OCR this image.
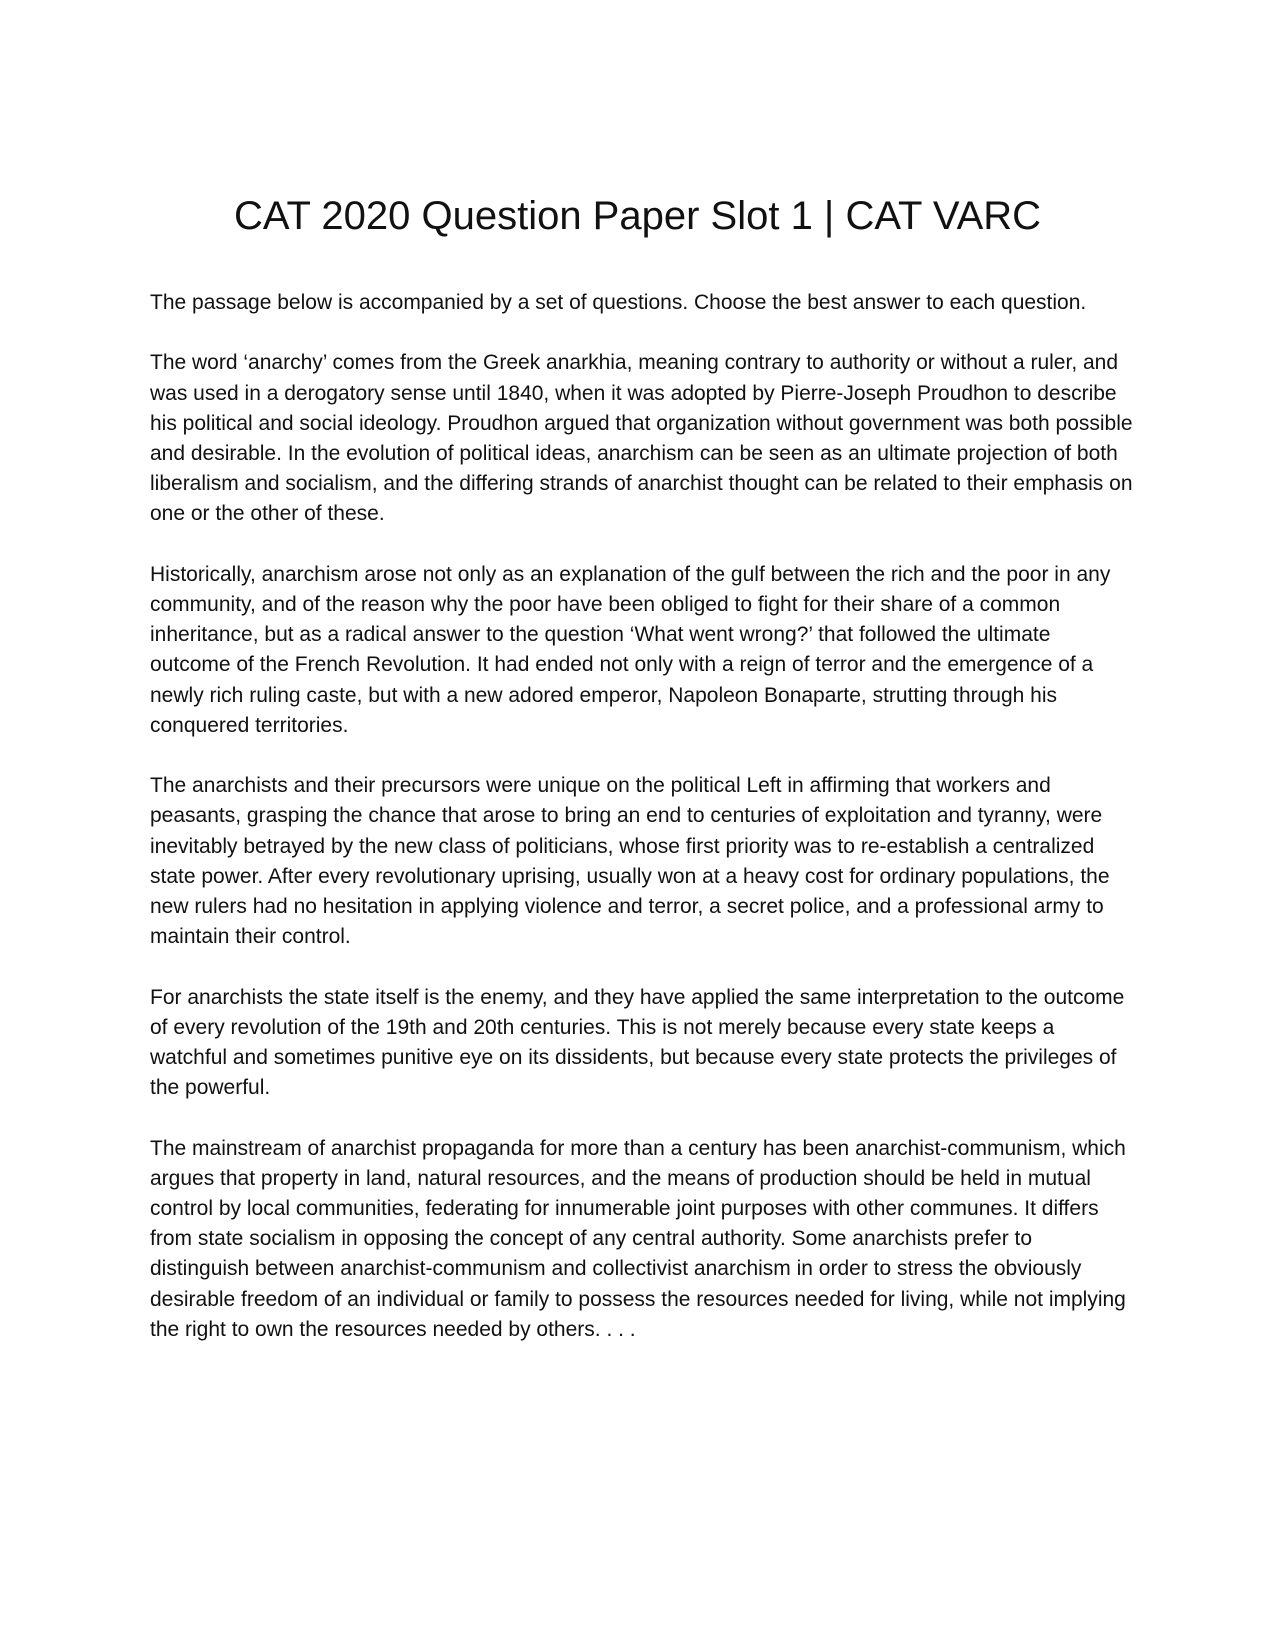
CAT 2020 Question Paper Slot 1 | CAT VARC

The passage below is accompanied by a set of questions. Choose the best answer to each question.

The word ‘anarchy’ comes from the Greek anarkhia, meaning contrary to authority or without a ruler, and was used in a derogatory sense until 1840, when it was adopted by Pierre-Joseph Proudhon to describe his political and social ideology. Proudhon argued that organization without government was both possible and desirable. In the evolution of political ideas, anarchism can be seen as an ultimate projection of both liberalism and socialism, and the differing strands of anarchist thought can be related to their emphasis on one or the other of these.

Historically, anarchism arose not only as an explanation of the gulf between the rich and the poor in any community, and of the reason why the poor have been obliged to fight for their share of a common inheritance, but as a radical answer to the question ‘What went wrong?’ that followed the ultimate outcome of the French Revolution. It had ended not only with a reign of terror and the emergence of a newly rich ruling caste, but with a new adored emperor, Napoleon Bonaparte, strutting through his conquered territories.

The anarchists and their precursors were unique on the political Left in affirming that workers and peasants, grasping the chance that arose to bring an end to centuries of exploitation and tyranny, were inevitably betrayed by the new class of politicians, whose first priority was to re-establish a centralized state power. After every revolutionary uprising, usually won at a heavy cost for ordinary populations, the new rulers had no hesitation in applying violence and terror, a secret police, and a professional army to maintain their control.

For anarchists the state itself is the enemy, and they have applied the same interpretation to the outcome of every revolution of the 19th and 20th centuries. This is not merely because every state keeps a watchful and sometimes punitive eye on its dissidents, but because every state protects the privileges of the powerful.

The mainstream of anarchist propaganda for more than a century has been anarchist-communism, which argues that property in land, natural resources, and the means of production should be held in mutual control by local communities, federating for innumerable joint purposes with other communes. It differs from state socialism in opposing the concept of any central authority. Some anarchists prefer to distinguish between anarchist-communism and collectivist anarchism in order to stress the obviously desirable freedom of an individual or family to possess the resources needed for living, while not implying the right to own the resources needed by others. . . .
